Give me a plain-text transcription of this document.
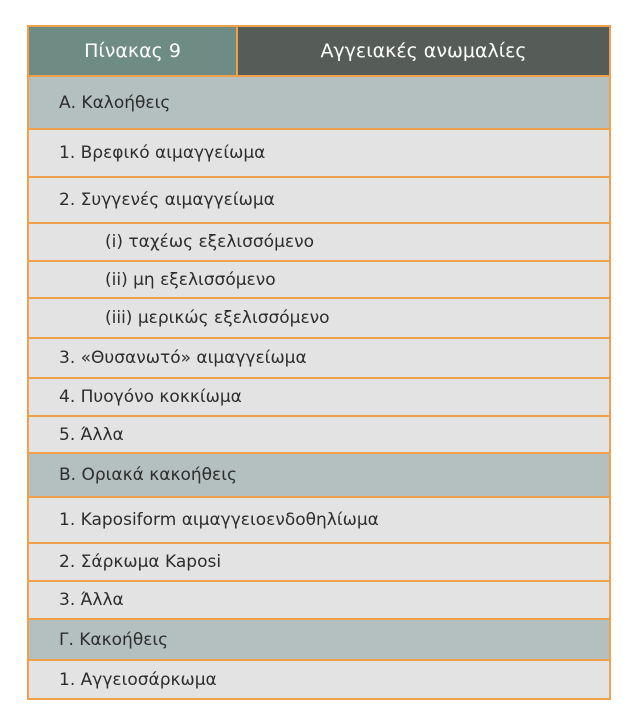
Πίνακας 9	Αγγειακές ανωμαλίες
Α. Καλοήθεις
1. Βρεφικό αιμαγγείωμα
2. Συγγενές αιμαγγείωμα
(i) ταχέως εξελισσόμενο
(ii) μη εξελισσόμενο
(iii) μερικώς εξελισσόμενο
3. «Θυσανωτό» αιμαγγείωμα
4. Πυογόνο κοκκίωμα
5. Άλλα
Β. Οριακά κακοήθεις
1. Kaposiform αιμαγγειοενδοθηλίωμα
2. Σάρκωμα Kaposi
3. Άλλα
Γ. Κακοήθεις
1. Αγγειοσάρκωμα
